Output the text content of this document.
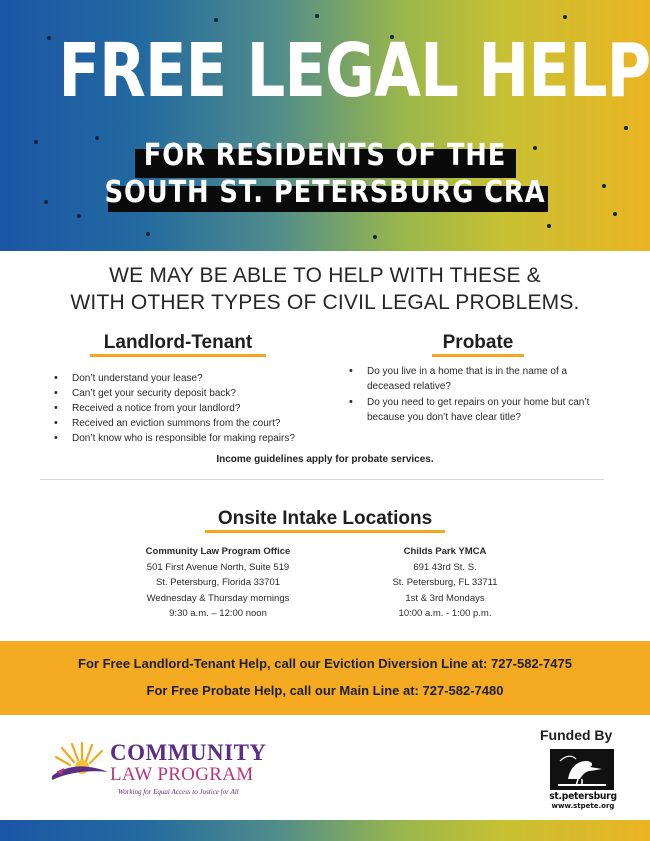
FREE LEGAL HELP
FOR RESIDENTS OF THE
SOUTH ST. PETERSBURG CRA
WE MAY BE ABLE TO HELP WITH THESE &
WITH OTHER TYPES OF CIVIL LEGAL PROBLEMS.
Landlord-Tenant
• Don’t understand your lease?
• Can’t get your security deposit back?
• Received a notice from your landlord?
• Received an eviction summons from the court?
• Don’t know who is responsible for making repairs?
Probate
• Do you live in a home that is in the name of a deceased relative?
• Do you need to get repairs on your home but can’t because you don’t have clear title?
Income guidelines apply for probate services.
Onsite Intake Locations
Community Law Program Office
501 First Avenue North, Suite 519
St. Petersburg, Florida 33701
Wednesday & Thursday mornings
9:30 a.m. – 12:00 noon
Childs Park YMCA
691 43rd St. S.
St. Petersburg, FL 33711
1st & 3rd Mondays
10:00 a.m. - 1:00 p.m.
For Free Landlord-Tenant Help, call our Eviction Diversion Line at: 727-582-7475
For Free Probate Help, call our Main Line at: 727-582-7480
COMMUNITY
LAW PROGRAM
Working for Equal Access to Justice for All
Funded By
st.petersburg
www.stpete.org
